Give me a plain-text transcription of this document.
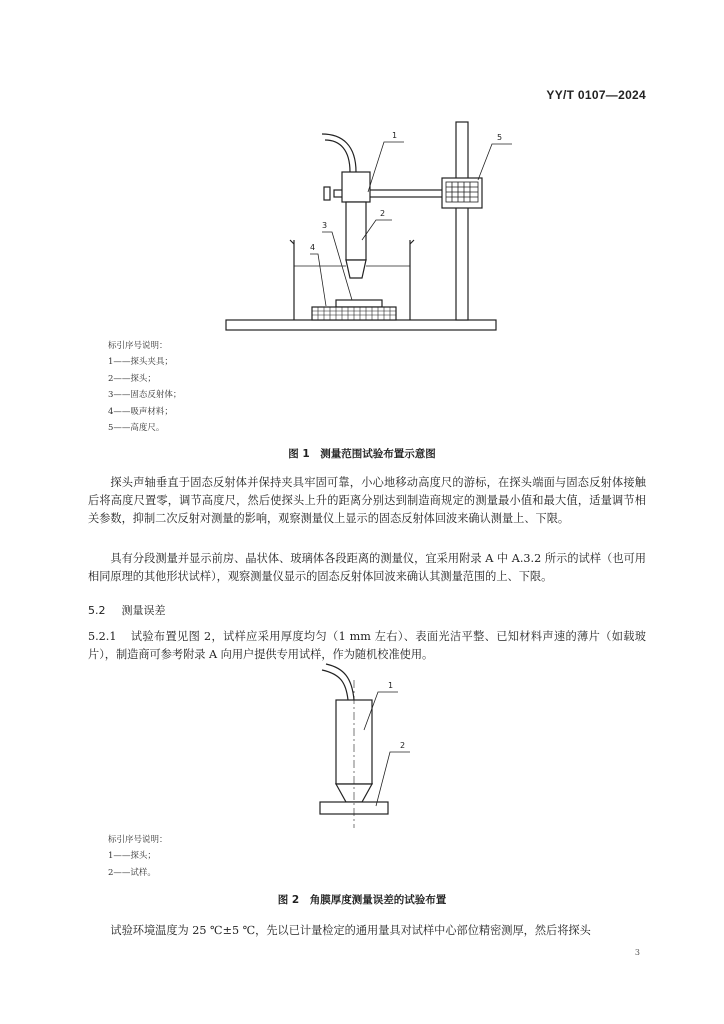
YY/T 0107—2024
1
2
3
4
5
标引序号说明：
1——探头夹具；
2——探头；
3——固态反射体；
4——吸声材料；
5——高度尺。
图 1　测量范围试验布置示意图
探头声轴垂直于固态反射体并保持夹具牢固可靠，小心地移动高度尺的游标，在探头端面与固态反射体接触后将高度尺置零，调节高度尺，然后使探头上升的距离分别达到制造商规定的测量最小值和最大值，适量调节相关参数，抑制二次反射对测量的影响，观察测量仪上显示的固态反射体回波来确认测量上、下限。
具有分段测量并显示前房、晶状体、玻璃体各段距离的测量仪，宜采用附录 A 中 A.3.2 所示的试样（也可用相同原理的其他形状试样），观察测量仪显示的固态反射体回波来确认其测量范围的上、下限。
5.2 测量误差
5.2.1 试验布置见图 2，试样应采用厚度均匀（1 mm 左右）、表面光洁平整、已知材料声速的薄片（如载玻片），制造商可参考附录 A 向用户提供专用试样，作为随机校准使用。
1
2
标引序号说明：
1——探头；
2——试样。
图 2　角膜厚度测量误差的试验布置
试验环境温度为 25 ℃±5 ℃，先以已计量检定的通用量具对试样中心部位精密测厚，然后将探头
3
